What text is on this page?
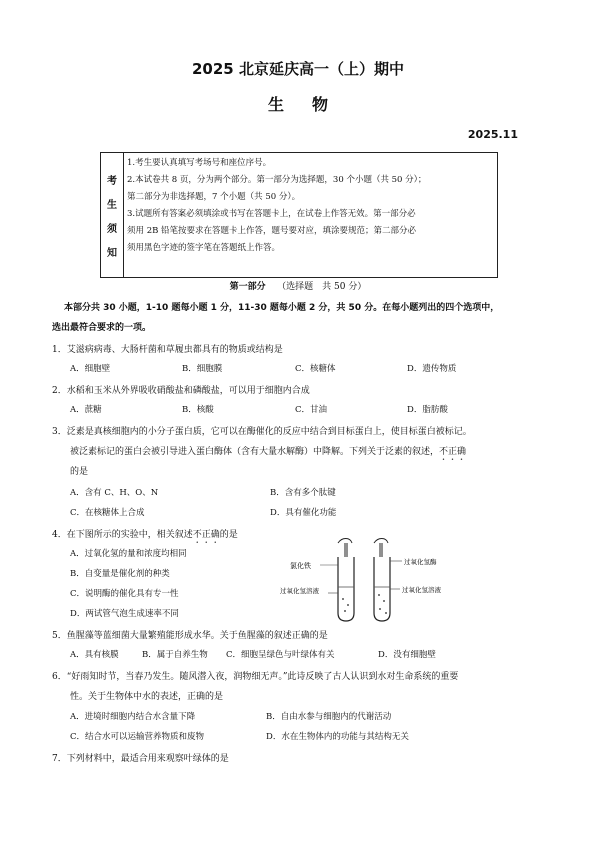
2025 北京延庆高一（上）期中
生物
2025.11
考
生
须
知
1.考生要认真填写考场号和座位序号。
2.本试卷共 8 页，分为两个部分。第一部分为选择题，30 个小题（共 50 分）；
第二部分为非选择题，7 个小题（共 50 分）。
3.试题所有答案必须填涂或书写在答题卡上，在试卷上作答无效。第一部分必
须用 2B 铅笔按要求在答题卡上作答，题号要对应，填涂要规范；第二部分必
须用黑色字迹的签字笔在答题纸上作答。
第一部分 （选择题　共 50 分）
本部分共 30 小题，1-10 题每小题 1 分，11-30 题每小题 2 分，共 50 分。在每小题列出的四个选项中，
选出最符合要求的一项。
1．艾滋病病毒、大肠杆菌和草履虫都具有的物质或结构是
A．细胞壁	B．细胞膜	C．核糖体	D．遗传物质
2．水稻和玉米从外界吸收硝酸盐和磷酸盐，可以用于细胞内合成
A．蔗糖	B．核酸	C．甘油	D．脂肪酸
3．泛素是真核细胞内的小分子蛋白质，它可以在酶催化的反应中结合到目标蛋白上，使目标蛋白被标记。
被泛素标记的蛋白会被引导进入蛋白酶体（含有大量水解酶）中降解。下列关于泛素的叙述，不正确
的是
A．含有 C、H、O、N	B．含有多个肽键
C．在核糖体上合成	D．具有催化功能
4．在下图所示的实验中，相关叙述不正确的是
A．过氧化氢的量和浓度均相同
B．自变量是催化剂的种类
C．说明酶的催化具有专一性
D．两试管气泡生成速率不同
氯化铁
过氧化氢溶液
过氧化氢酶
过氧化氢溶液
5．鱼腥藻等蓝细菌大量繁殖能形成水华。关于鱼腥藻的叙述正确的是
A．具有核膜	B．属于自养生物 C．细胞呈绿色与叶绿体有关	D．没有细胞壁
6．“好雨知时节，当春乃发生。随风潜入夜，润物细无声。”此诗反映了古人认识到水对生命系统的重要
性。关于生物体中水的表述，正确的是
A．进境时细胞内结合水含量下降	B．自由水参与细胞内的代谢活动
C．结合水可以运输营养物质和废物	D．水在生物体内的功能与其结构无关
7．下列材料中，最适合用来观察叶绿体的是
